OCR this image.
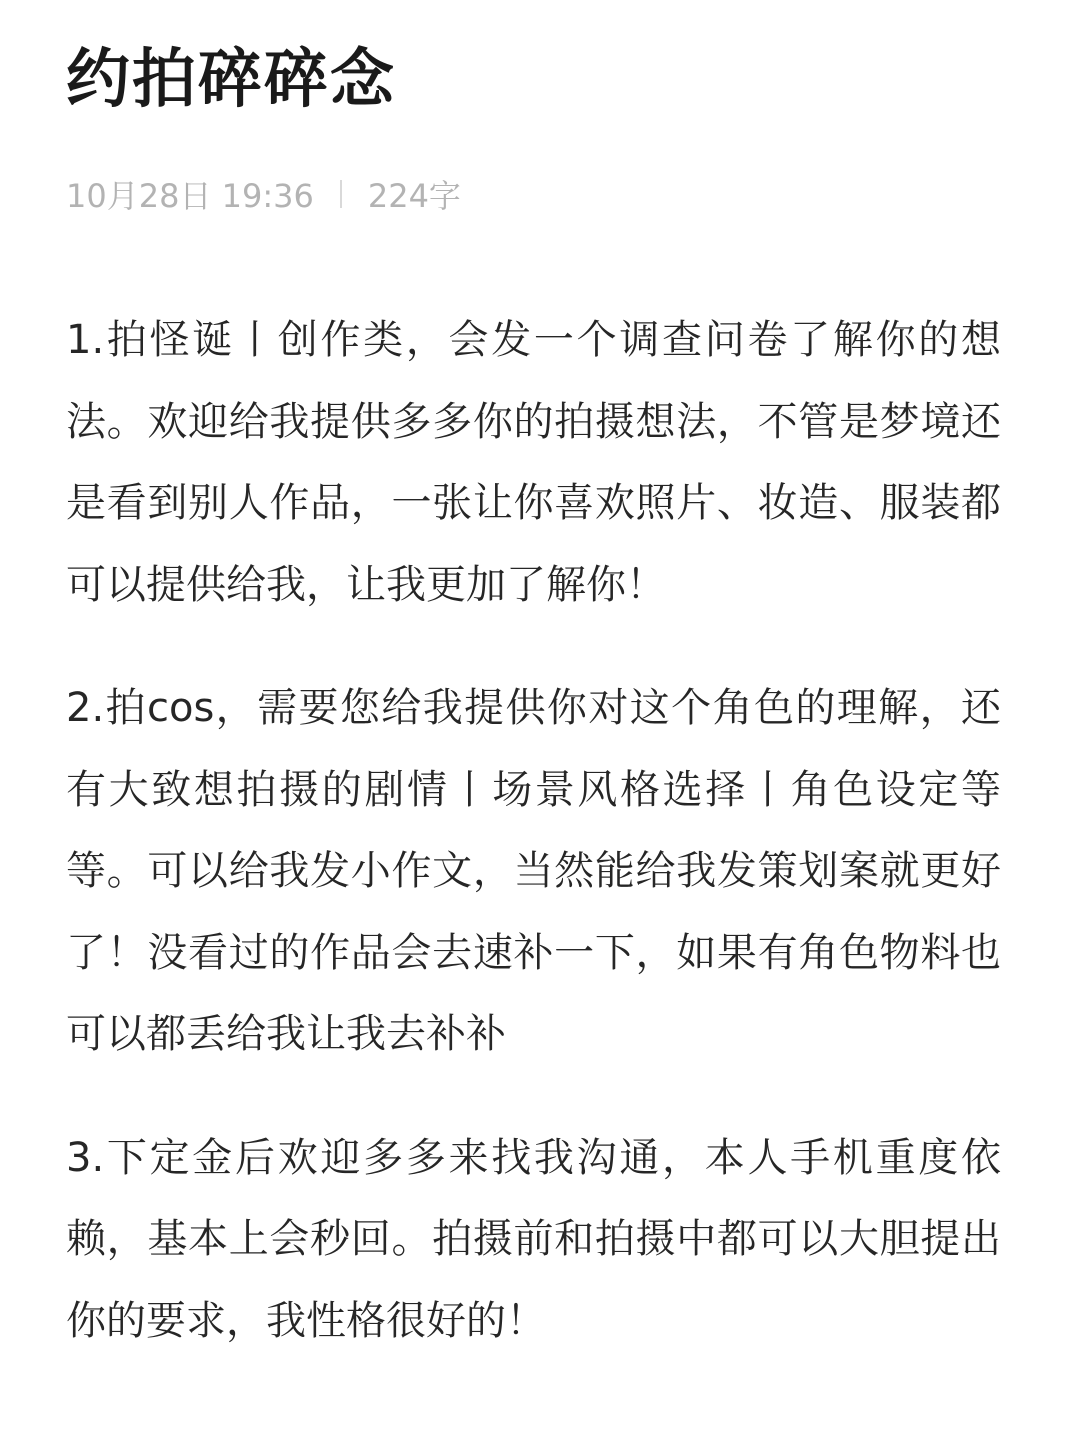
约拍碎碎念
10月28日 19:36 224字

1.拍怪诞丨创作类，会发一个调查问卷了解你的想法。欢迎给我提供多多你的拍摄想法，不管是梦境还是看到别人作品，一张让你喜欢照片、妆造、服装都可以提供给我，让我更加了解你！

2.拍cos，需要您给我提供你对这个角色的理解，还有大致想拍摄的剧情丨场景风格选择丨角色设定等等。可以给我发小作文，当然能给我发策划案就更好了！没看过的作品会去速补一下，如果有角色物料也可以都丢给我让我去补补

3.下定金后欢迎多多来找我沟通，本人手机重度依赖，基本上会秒回。拍摄前和拍摄中都可以大胆提出你的要求，我性格很好的！
